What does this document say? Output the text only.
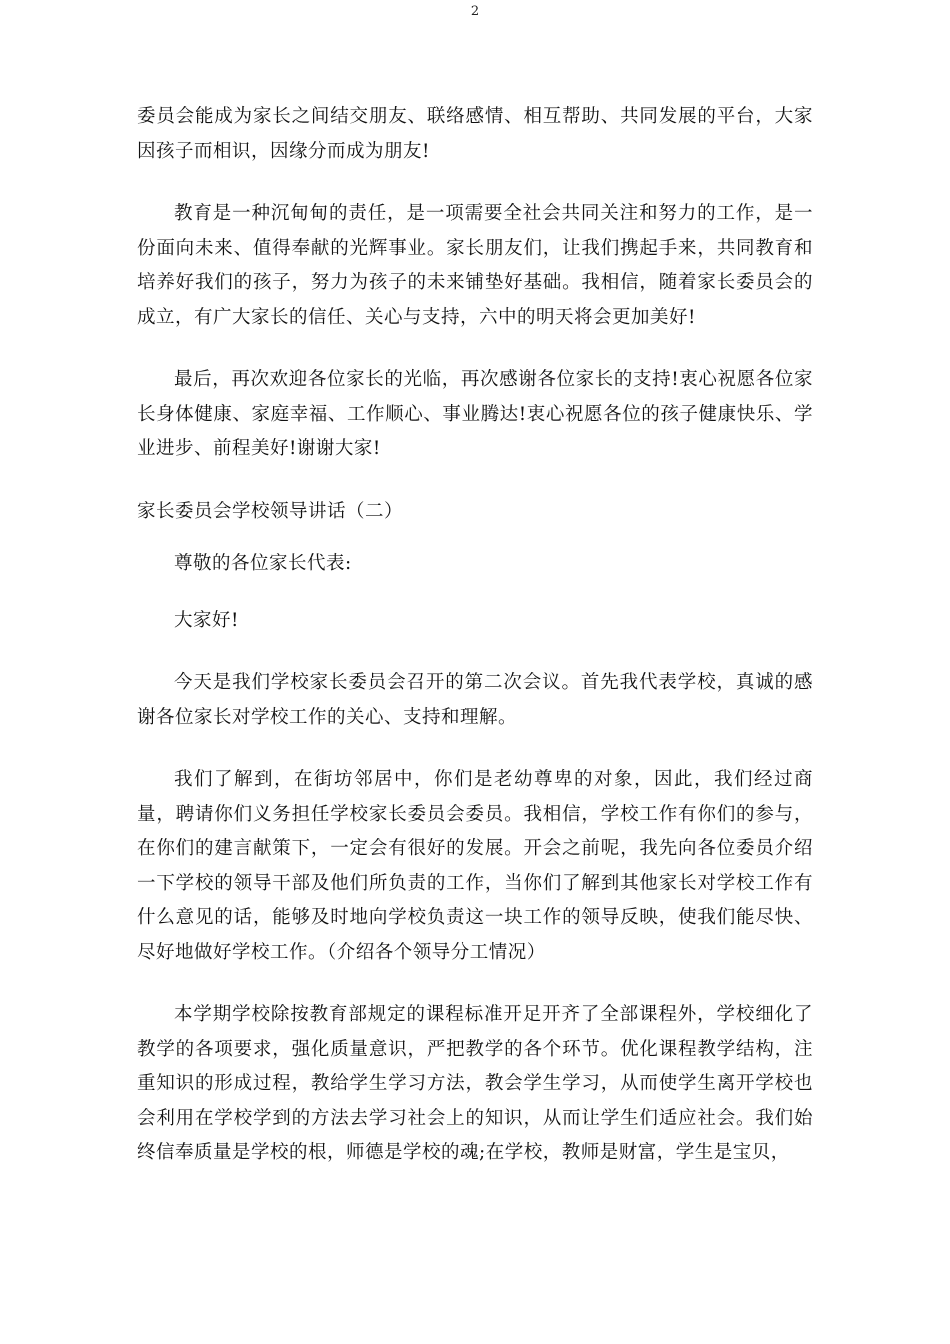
2

委员会能成为家长之间结交朋友、联络感情、相互帮助、共同发展的平台，大家因孩子而相识，因缘分而成为朋友!

教育是一种沉甸甸的责任，是一项需要全社会共同关注和努力的工作，是一份面向未来、值得奉献的光辉事业。家长朋友们，让我们携起手来，共同教育和培养好我们的孩子，努力为孩子的未来铺垫好基础。我相信，随着家长委员会的成立，有广大家长的信任、关心与支持，六中的明天将会更加美好!

最后，再次欢迎各位家长的光临，再次感谢各位家长的支持!衷心祝愿各位家长身体健康、家庭幸福、工作顺心、事业腾达!衷心祝愿各位的孩子健康快乐、学业进步、前程美好!谢谢大家!

家长委员会学校领导讲话（二）

尊敬的各位家长代表:

大家好!

今天是我们学校家长委员会召开的第二次会议。首先我代表学校，真诚的感谢各位家长对学校工作的关心、支持和理解。

我们了解到，在街坊邻居中，你们是老幼尊卑的对象，因此，我们经过商量，聘请你们义务担任学校家长委员会委员。我相信，学校工作有你们的参与，在你们的建言献策下，一定会有很好的发展。开会之前呢，我先向各位委员介绍一下学校的领导干部及他们所负责的工作，当你们了解到其他家长对学校工作有什么意见的话，能够及时地向学校负责这一块工作的领导反映，使我们能尽快、尽好地做好学校工作。（介绍各个领导分工情况）

本学期学校除按教育部规定的课程标准开足开齐了全部课程外，学校细化了教学的各项要求，强化质量意识，严把教学的各个环节。优化课程教学结构，注重知识的形成过程，教给学生学习方法，教会学生学习，从而使学生离开学校也会利用在学校学到的方法去学习社会上的知识，从而让学生们适应社会。我们始终信奉质量是学校的根，师德是学校的魂;在学校，教师是财富，学生是宝贝，
